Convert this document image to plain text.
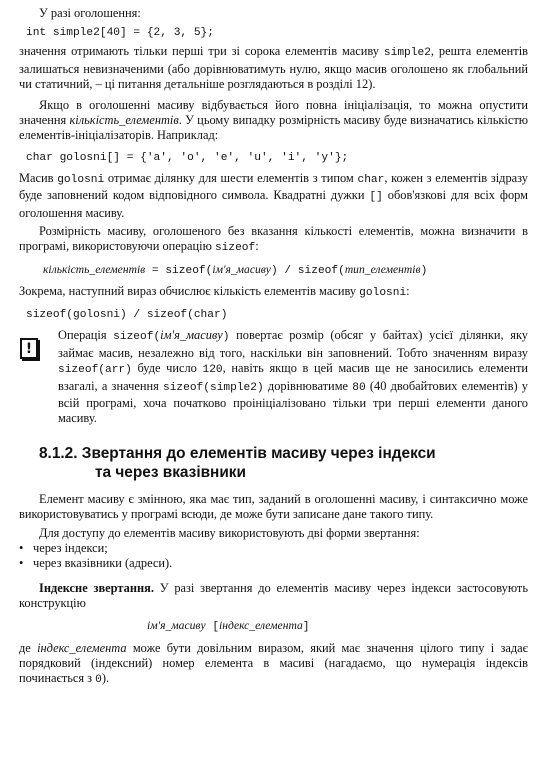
У разі оголошення:

int simple2[40] = {2, 3, 5};

значення отримають тільки перші три зі сорока елементів масиву simple2, решта елементів залишаться невизначеними (або дорівнюватимуть нулю, якщо масив оголошено як глобальний чи статичний, – ці питання детальніше розглядаються в розділі 12).

Якщо в оголошенні масиву відбувається його повна ініціалізація, то можна опустити значення кількість_елементів. У цьому випадку розмірність масиву буде визначатись кількістю елементів-ініціалізаторів. Наприклад:

char golosni[] = {'a', 'o', 'e', 'u', 'i', 'y'};

Масив golosni отримає ділянку для шести елементів з типом char, кожен з елементів зідразу буде заповнений кодом відповідного символа. Квадратні дужки [] обов'язкові для всіх форм оголошення масиву.

Розмірність масиву, оголошеного без вказання кількості елементів, можна визначити в програмі, використовуючи операцію sizeof:

кількість_елементів = sizeof(ім'я_масиву) / sizeof(тип_елементів)

Зокрема, наступний вираз обчислює кількість елементів масиву golosni:

sizeof(golosni) / sizeof(char)

!

Операція sizeof(ім'я_масиву) повертає розмір (обсяг у байтах) усієї ділянки, яку займає масив, незалежно від того, наскільки він заповнений. Тобто значенням виразу sizeof(arr) буде число 120, навіть якщо в цей масив ще не заносились елементи взагалі, а значення sizeof(simple2) дорівнюватиме 80 (40 двобайтових елементів) у всій програмі, хоча початково проініціалізовано тільки три перші елементи даного масиву.

8.1.2. Звертання до елементів масиву через індекси
та через вказівники

Елемент масиву є змінною, яка має тип, заданий в оголошенні масиву, і синтаксично може використовуватись у програмі всюди, де може бути записане дане такого типу.

Для доступу до елементів масиву використовують дві форми звертання:

• через індекси;
• через вказівники (адреси).

Індексне звертання. У разі звертання до елементів масиву через індекси застосовують конструкцію

ім'я_масиву [індекс_елемента]

де індекс_елемента може бути довільним виразом, який має значення цілого типу і задає порядковий (індексний) номер елемента в масиві (нагадаємо, що нумерація індексів починається з 0).
